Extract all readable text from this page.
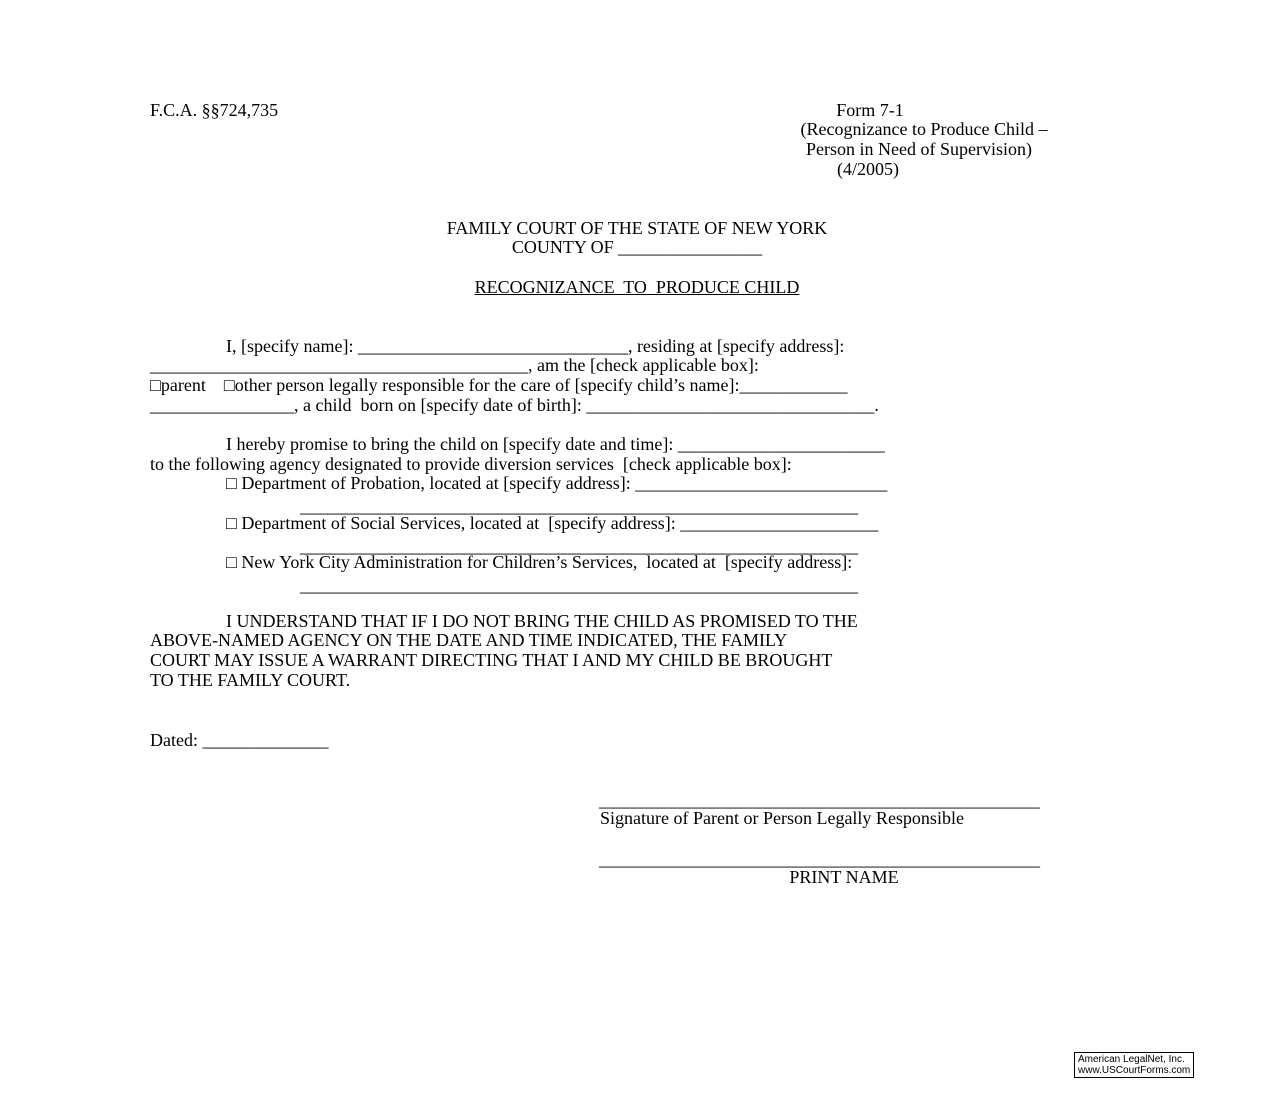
F.C.A. §§724,735	Form 7-1
(Recognizance to Produce Child –
Person in Need of Supervision)
(4/2005)
FAMILY COURT OF THE STATE OF NEW YORK
COUNTY OF ________________
RECOGNIZANCE  TO  PRODUCE CHILD
I, [specify name]: ______________________________, residing at [specify address]:
__________________________________________, am the [check applicable box]:
□parent    □other person legally responsible for the care of [specify child’s name]:____________
________________, a child  born on [specify date of birth]: ________________________________.
I hereby promise to bring the child on [specify date and time]: _______________________
to the following agency designated to provide diversion services  [check applicable box]:
□ Department of Probation, located at [specify address]: ____________________________
______________________________________________________________
□ Department of Social Services, located at  [specify address]: ______________________
______________________________________________________________
□ New York City Administration for Children’s Services,  located at  [specify address]:
______________________________________________________________
I UNDERSTAND THAT IF I DO NOT BRING THE CHILD AS PROMISED TO THE
ABOVE-NAMED AGENCY ON THE DATE AND TIME INDICATED, THE FAMILY
COURT MAY ISSUE A WARRANT DIRECTING THAT I AND MY CHILD BE BROUGHT
TO THE FAMILY COURT.
Dated: ______________
_________________________________________________
Signature of Parent or Person Legally Responsible
_________________________________________________
PRINT NAME
American LegalNet, Inc.
www.USCourtForms.com
